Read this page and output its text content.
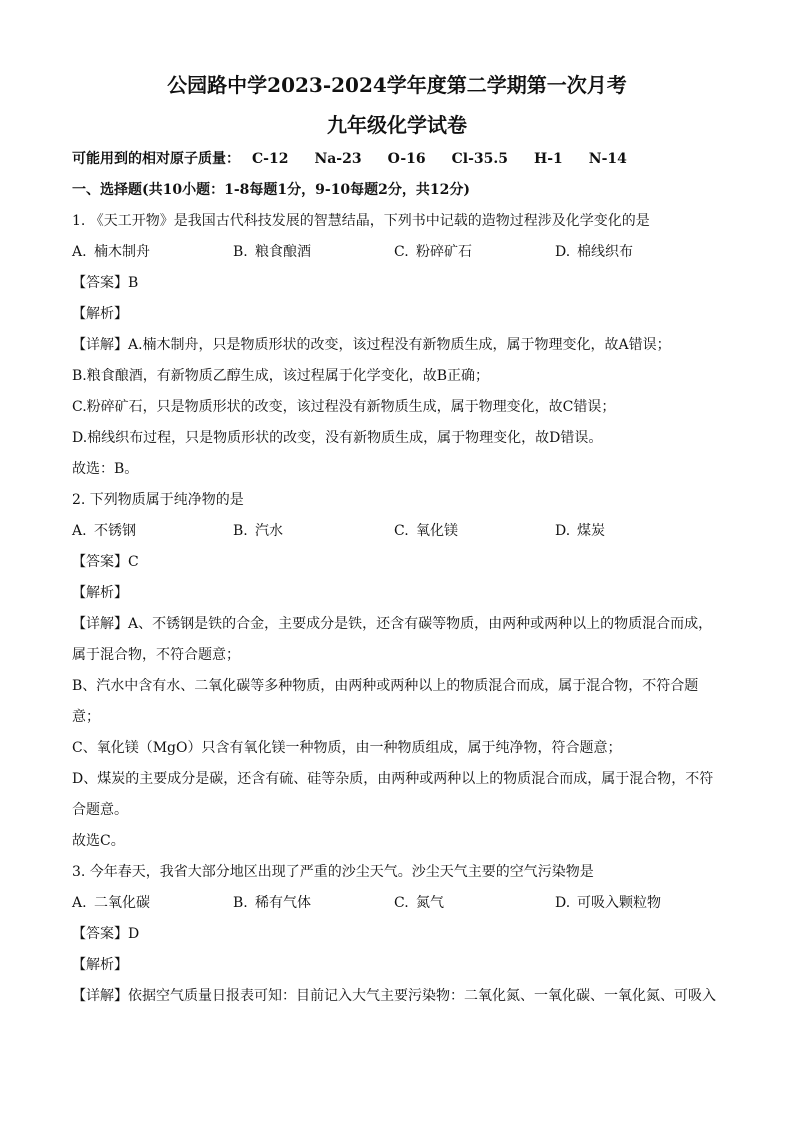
公园路中学2023-2024学年度第二学期第一次月考

九年级化学试卷

可能用到的相对原子质量： C-12 Na-23 O-16 Cl-35.5 H-1 N-14

一、选择题(共10小题：1-8每题1分，9-10每题2分，共12分)

1. 《天工开物》是我国古代科技发展的智慧结晶，下列书中记载的造物过程涉及化学变化的是

A. 楠木制舟	B. 粮食酿酒	C. 粉碎矿石	D. 棉线织布

【答案】B

【解析】

【详解】A.楠木制舟，只是物质形状的改变，该过程没有新物质生成，属于物理变化，故A错误；

B.粮食酿酒，有新物质乙醇生成，该过程属于化学变化，故B正确；

C.粉碎矿石，只是物质形状的改变，该过程没有新物质生成，属于物理变化，故C错误；

D.棉线织布过程，只是物质形状的改变，没有新物质生成，属于物理变化，故D错误。

故选：B。

2. 下列物质属于纯净物的是

A. 不锈钢	B. 汽水	C. 氧化镁	D. 煤炭

【答案】C

【解析】

【详解】A、不锈钢是铁的合金，主要成分是铁，还含有碳等物质，由两种或两种以上的物质混合而成，

属于混合物，不符合题意；

B、汽水中含有水、二氧化碳等多种物质，由两种或两种以上的物质混合而成，属于混合物，不符合题

意；

C、氧化镁（MgO）只含有氧化镁一种物质，由一种物质组成，属于纯净物，符合题意；

D、煤炭的主要成分是碳，还含有硫、硅等杂质，由两种或两种以上的物质混合而成，属于混合物，不符

合题意。

故选C。

3. 今年春天，我省大部分地区出现了严重的沙尘天气。沙尘天气主要的空气污染物是

A. 二氧化碳	B. 稀有气体	C. 氮气	D. 可吸入颗粒物

【答案】D

【解析】

【详解】依据空气质量日报表可知：目前记入大气主要污染物：二氧化氮、一氧化碳、一氧化氮、可吸入
